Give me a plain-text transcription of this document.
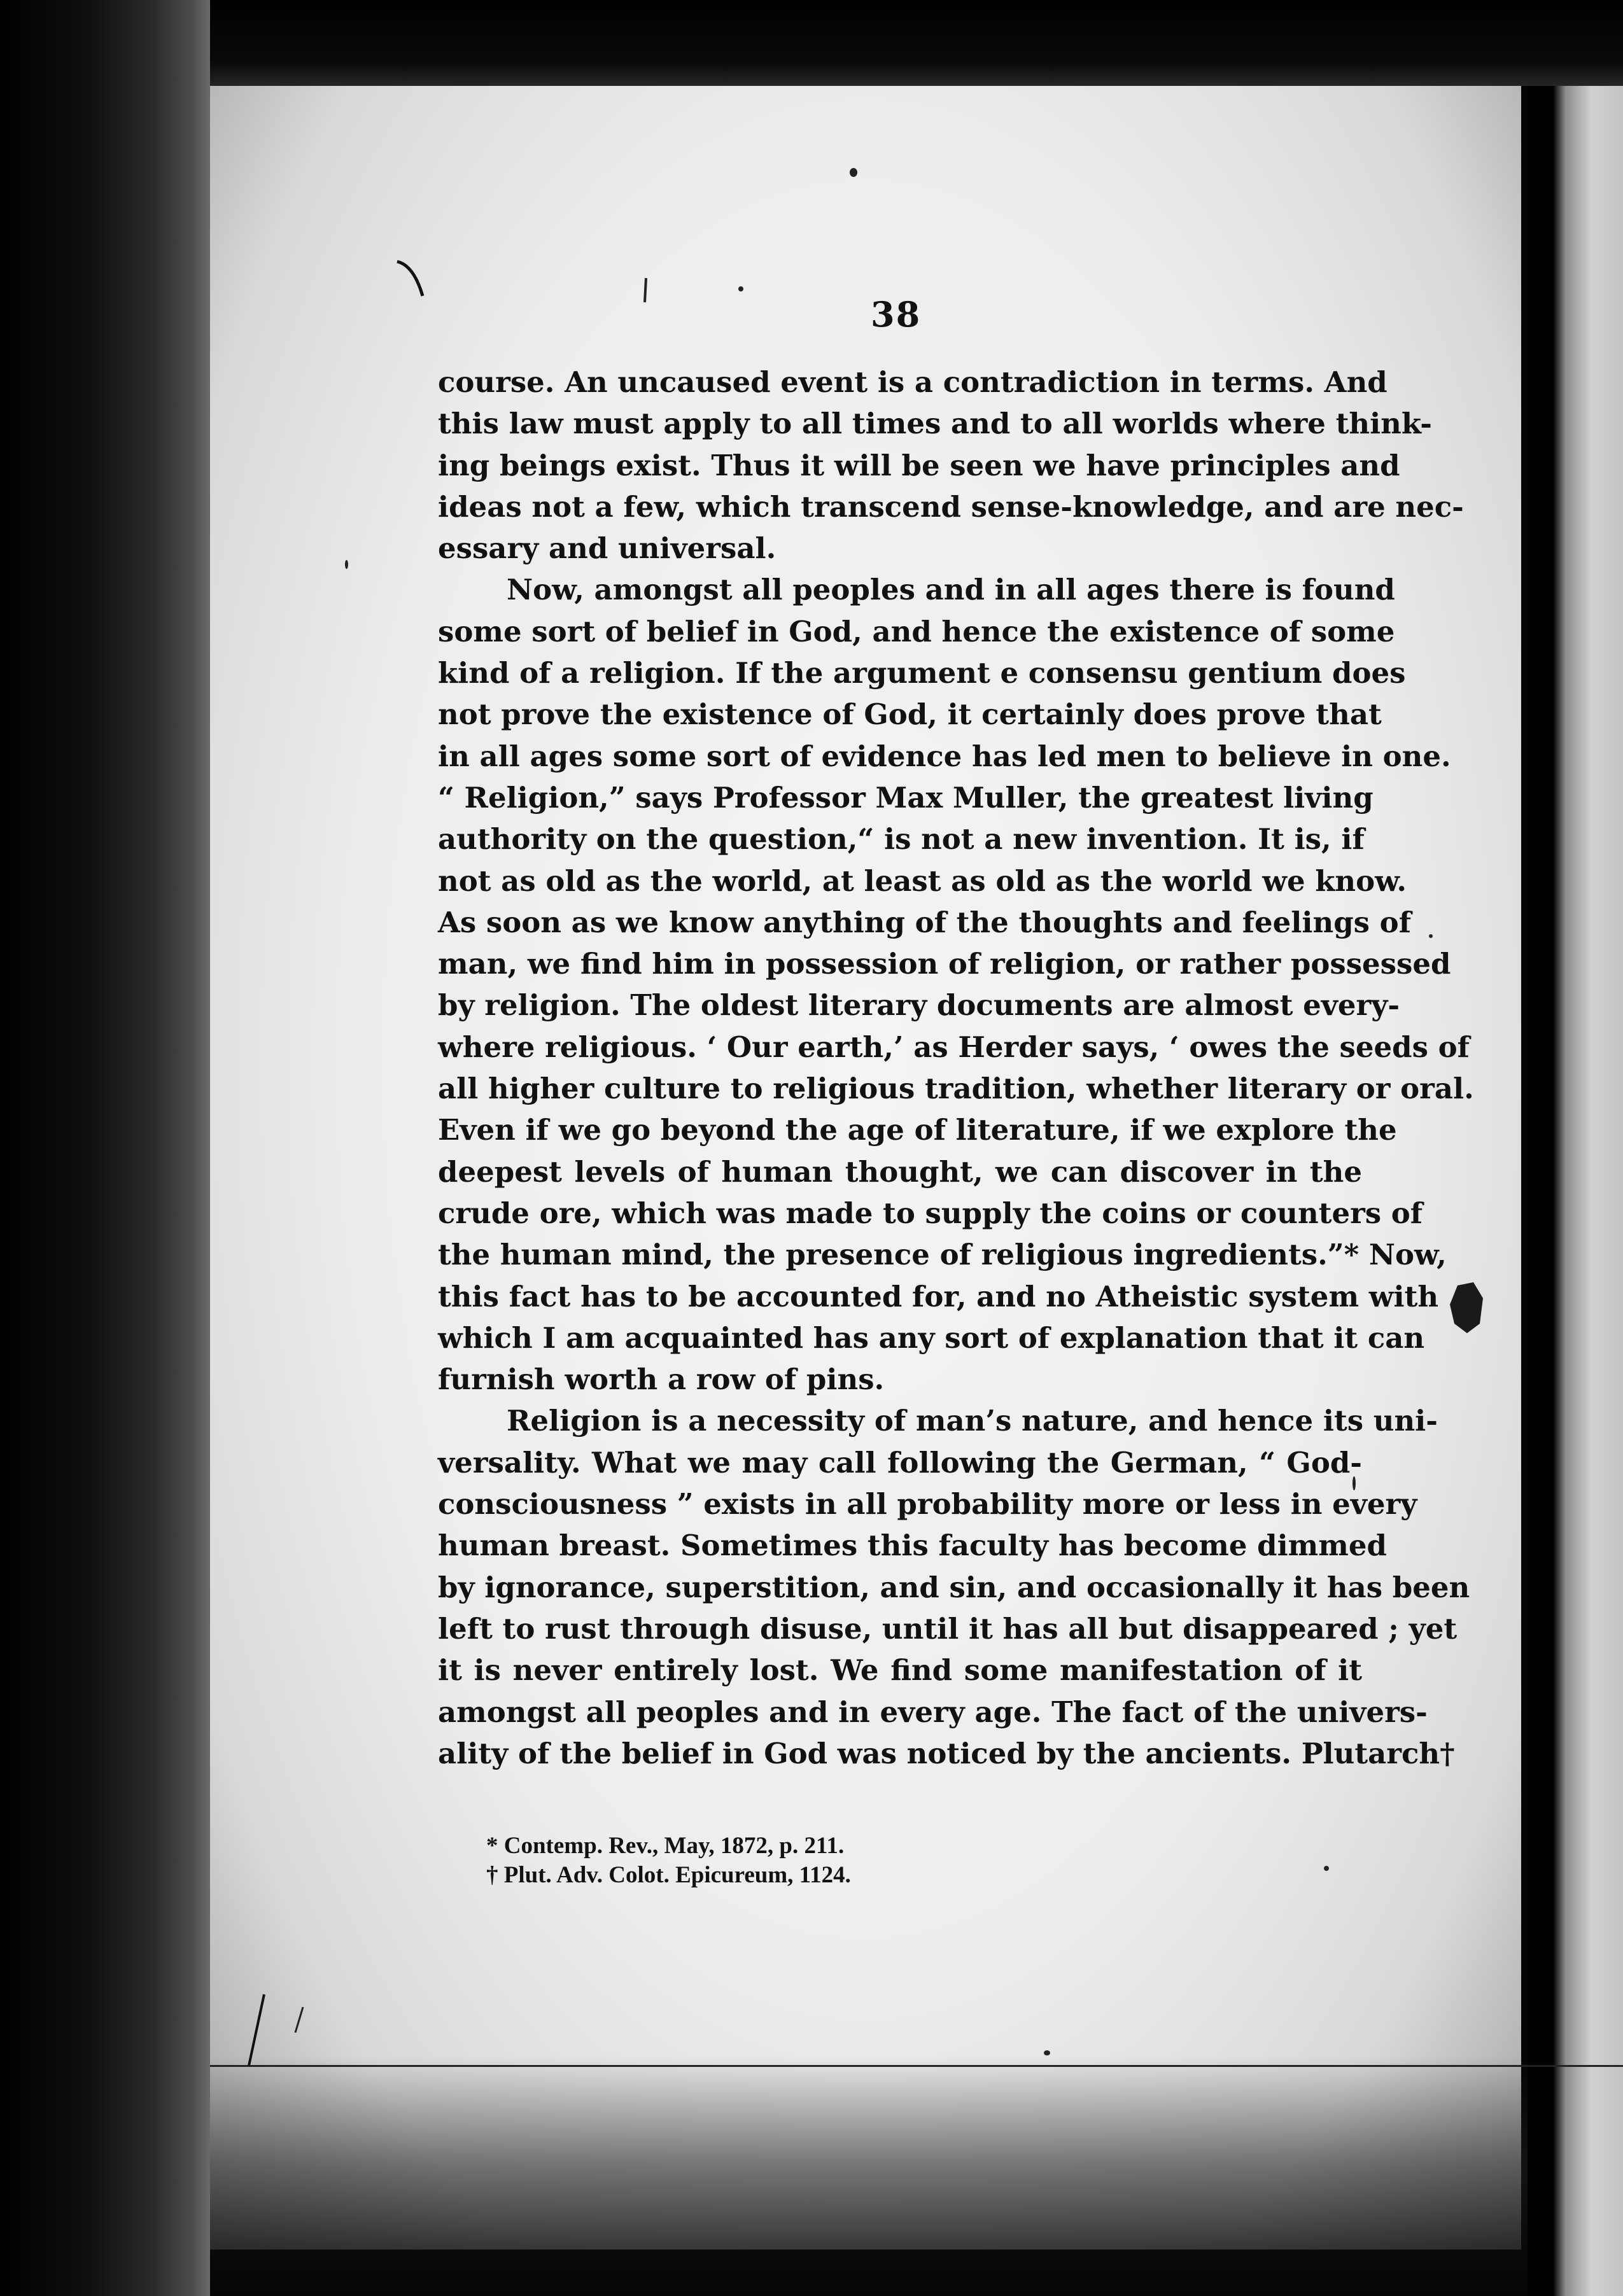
38
course. An uncaused event is a contradiction in terms. And
this law must apply to all times and to all worlds where think-
ing beings exist. Thus it will be seen we have principles and
ideas not a few, which transcend sense-knowledge, and are nec-
essary and universal.
Now, amongst all peoples and in all ages there is found
some sort of belief in God, and hence the existence of some
kind of a religion. If the argument e consensu gentium does
not prove the existence of God, it certainly does prove that
in all ages some sort of evidence has led men to believe in one.
“ Religion,” says Professor Max Muller, the greatest living
authority on the question,“ is not a new invention. It is, if
not as old as the world, at least as old as the world we know.
As soon as we know anything of the thoughts and feelings of
man, we find him in possession of religion, or rather possessed
by religion. The oldest literary documents are almost every-
where religious. ‘ Our earth,’ as Herder says, ‘ owes the seeds of
all higher culture to religious tradition, whether literary or oral.
Even if we go beyond the age of literature, if we explore the
deepest levels of human thought, we can discover in the
crude ore, which was made to supply the coins or counters of
the human mind, the presence of religious ingredients.”* Now,
this fact has to be accounted for, and no Atheistic system with
which I am acquainted has any sort of explanation that it can
furnish worth a row of pins.
Religion is a necessity of man’s nature, and hence its uni-
versality. What we may call following the German, “ God-
consciousness ” exists in all probability more or less in every
human breast. Sometimes this faculty has become dimmed
by ignorance, superstition, and sin, and occasionally it has been
left to rust through disuse, until it has all but disappeared ; yet
it is never entirely lost. We find some manifestation of it
amongst all peoples and in every age. The fact of the univers-
ality of the belief in God was noticed by the ancients. Plutarch†
* Contemp. Rev., May, 1872, p. 211.
† Plut. Adv. Colot. Epicureum, 1124.
